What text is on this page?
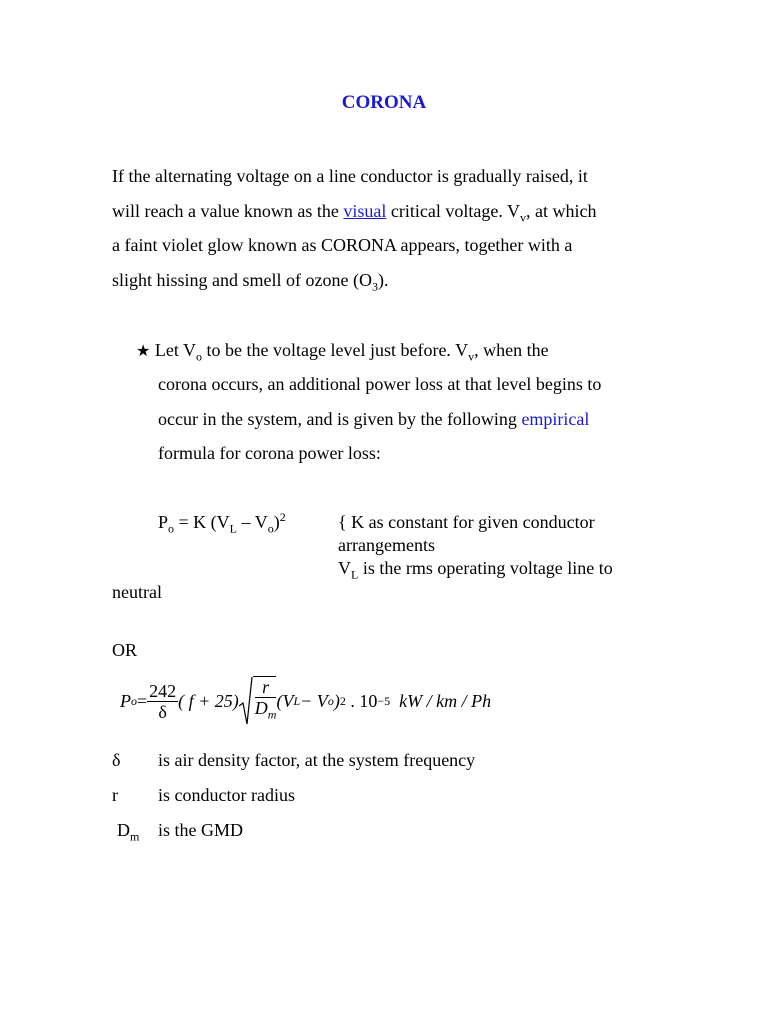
CORONA
If the alternating voltage on a line conductor is gradually raised, it
will reach a value known as the visual critical voltage. $V_v$, at which
a faint violet glow known as CORONA appears, together with a
slight hissing and smell of ozone $(O_3)$.
★ Let $V_o$ to be the voltage level just before. $V_v$, when the
corona occurs, an additional power loss at that level begins to
occur in the system, and is given by the following empirical
formula for corona power loss:
$P_o = K$ $(V_L - V_o)^2$	{ K as constant for given conductor
arrangements
$V_L$ is the rms operating voltage line to
neutral
OR
P $o = \frac{242}{\delta}$ ( $f + 25) \frac{r}{D_m} (V$ L − V o ) 2 . 10 −5 kW / km / Ph
δ is air density factor, at the system frequency
r is conductor radius
$D_m$ is the GMD
